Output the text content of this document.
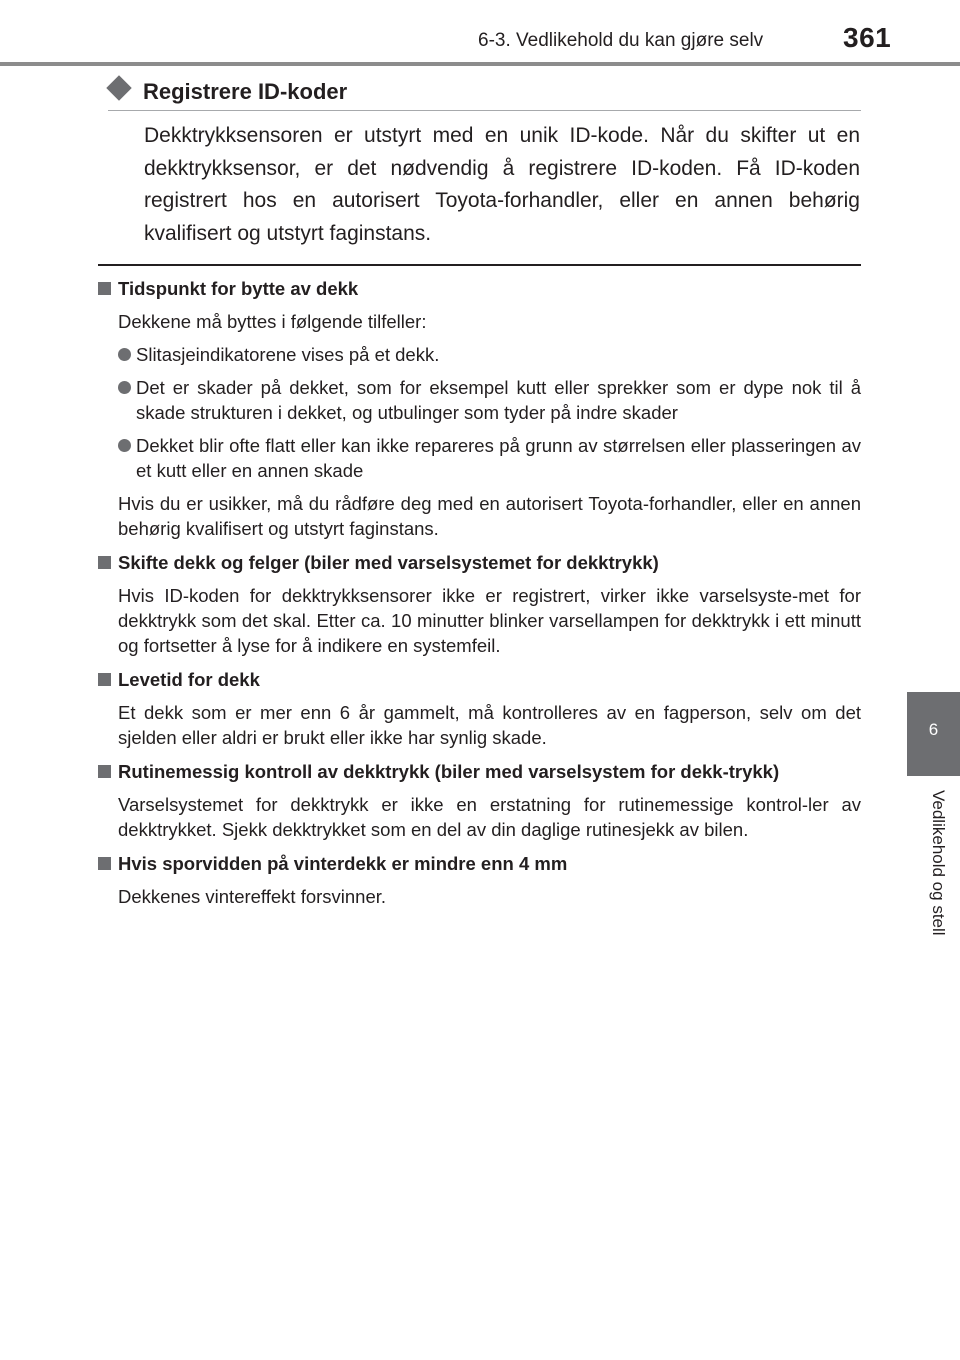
6-3. Vedlikehold du kan gjøre selv	361
6
Vedlikehold og stell
Registrere ID-koder
Dekktrykksensoren er utstyrt med en unik ID-kode. Når du skifter ut en dekktrykksensor, er det nødvendig å registrere ID-koden. Få ID-koden registrert hos en autorisert Toyota-forhandler, eller en annen behørig kvalifisert og utstyrt faginstans.
Tidspunkt for bytte av dekk
Dekkene må byttes i følgende tilfeller:
Slitasjeindikatorene vises på et dekk.
Det er skader på dekket, som for eksempel kutt eller sprekker som er dype nok til å skade strukturen i dekket, og utbulinger som tyder på indre skader
Dekket blir ofte flatt eller kan ikke repareres på grunn av størrelsen eller plasseringen av et kutt eller en annen skade
Hvis du er usikker, må du rådføre deg med en autorisert Toyota-forhandler, eller en annen behørig kvalifisert og utstyrt faginstans.
Skifte dekk og felger (biler med varselsystemet for dekktrykk)
Hvis ID-koden for dekktrykksensorer ikke er registrert, virker ikke varselsyste-met for dekktrykk som det skal. Etter ca. 10 minutter blinker varsellampen for dekktrykk i ett minutt og fortsetter å lyse for å indikere en systemfeil.
Levetid for dekk
Et dekk som er mer enn 6 år gammelt, må kontrolleres av en fagperson, selv om det sjelden eller aldri er brukt eller ikke har synlig skade.
Rutinemessig kontroll av dekktrykk (biler med varselsystem for dekk-trykk)
Varselsystemet for dekktrykk er ikke en erstatning for rutinemessige kontrol-ler av dekktrykket. Sjekk dekktrykket som en del av din daglige rutinesjekk av bilen.
Hvis sporvidden på vinterdekk er mindre enn 4 mm
Dekkenes vintereffekt forsvinner.
